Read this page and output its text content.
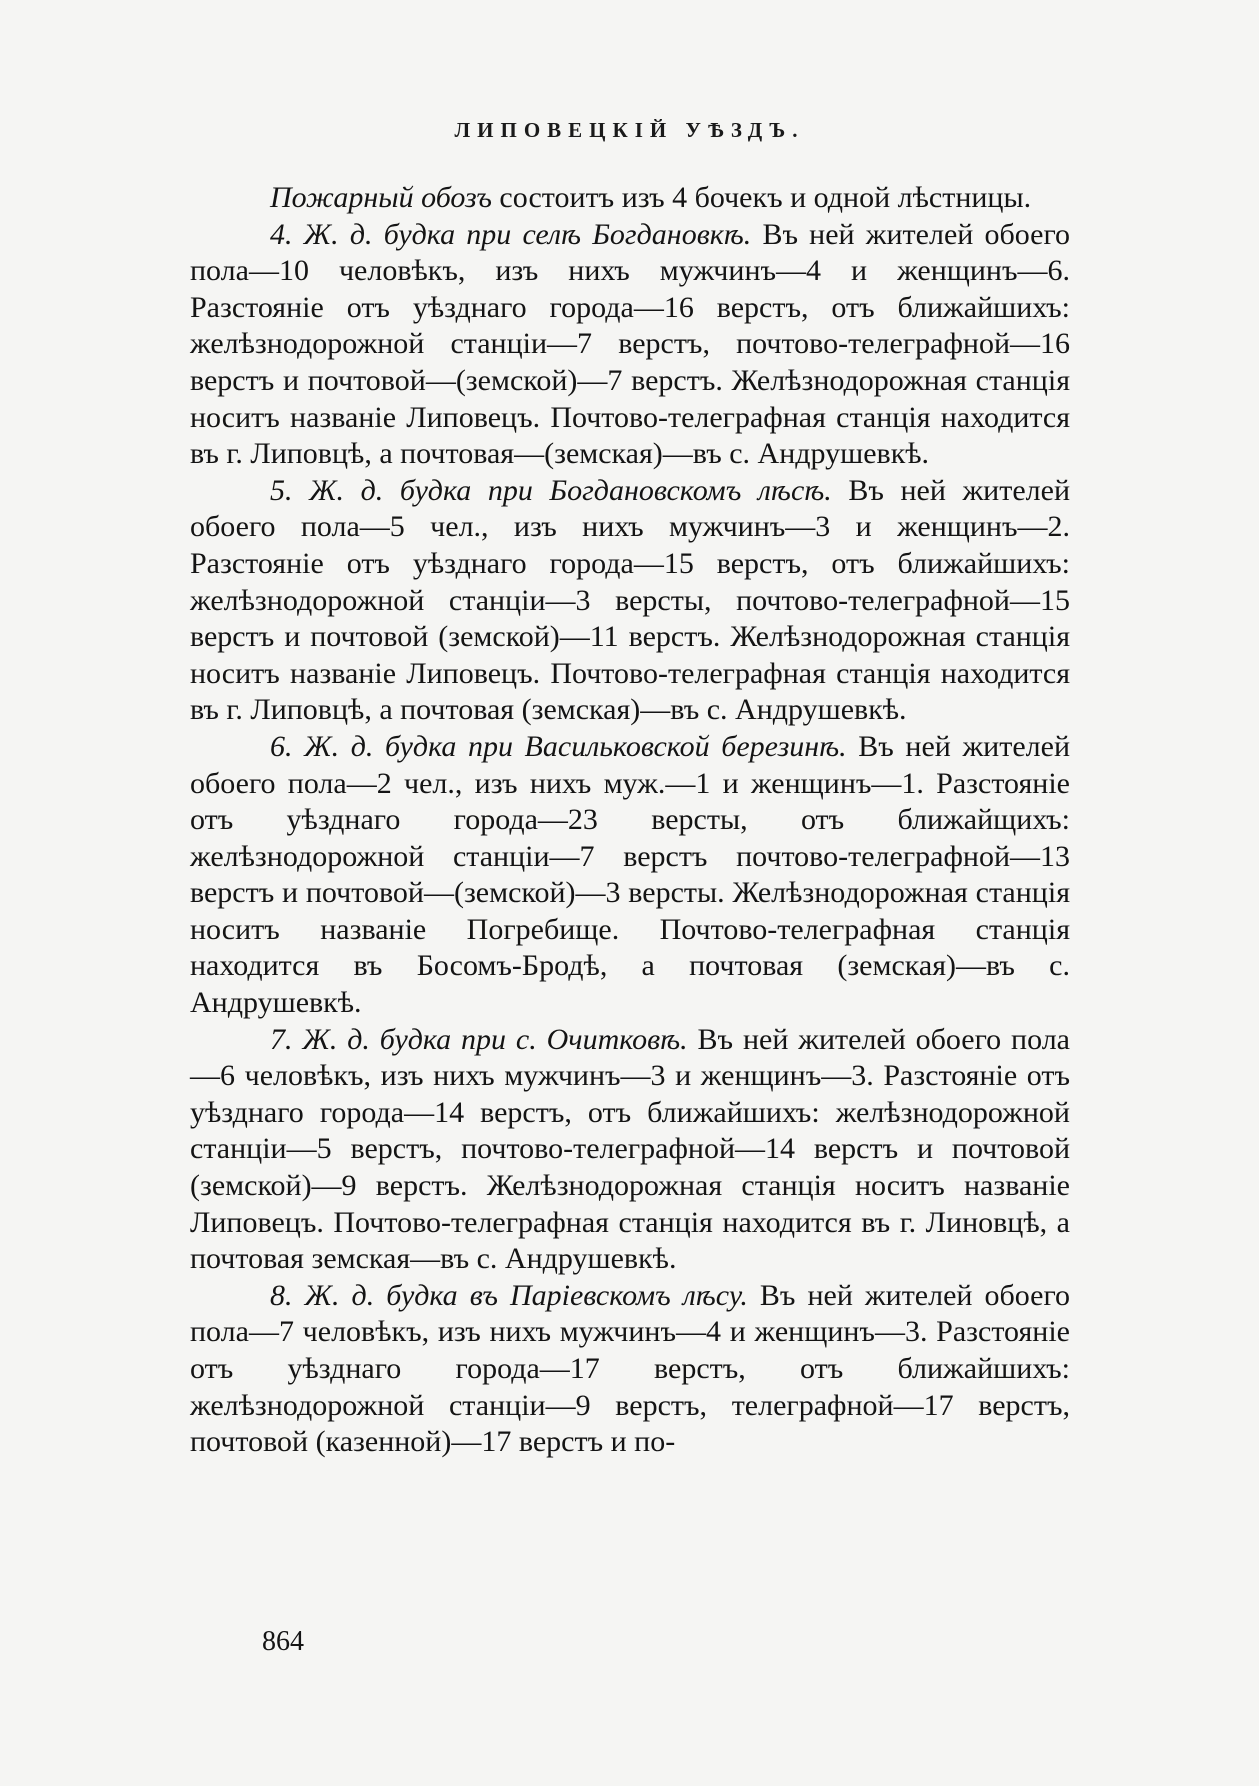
ЛИПОВЕЦКІЙ УѢЗДЪ.

Пожарный обозъ состоитъ изъ 4 бочекъ и одной лѣстницы.

4. Ж. д. будка при селѣ Богдановкѣ. Въ ней жителей обоего пола—10 человѣкъ, изъ нихъ мужчинъ—4 и женщинъ—6. Разстояніе отъ уѣзднаго города—16 верстъ, отъ ближайшихъ: желѣзнодорожной станціи—7 верстъ, почтово-телеграфной—16 верстъ и почтовой—(земской)—7 верстъ. Желѣзнодорожная станція носитъ названіе Липовецъ. Почтово-телеграфная станція находится въ г. Липовцѣ, а почтовая—(земская)—въ с. Андрушевкѣ.

5. Ж. д. будка при Богдановскомъ лѣсѣ. Въ ней жителей обоего пола—5 чел., изъ нихъ мужчинъ—3 и женщинъ—2. Разстояніе отъ уѣзднаго города—15 верстъ, отъ ближайшихъ: желѣзнодорожной станціи—3 версты, почтово-телеграфной—15 верстъ и почтовой (земской)—11 верстъ. Желѣзнодорожная станція носитъ названіе Липовецъ. Почтово-телеграфная станція находится въ г. Липовцѣ, а почтовая (земская)—въ с. Андрушевкѣ.

6. Ж. д. будка при Васильковской березинѣ. Въ ней жителей обоего пола—2 чел., изъ нихъ муж.—1 и женщинъ—1. Разстояніе отъ уѣзднаго города—23 версты, отъ ближайщихъ: желѣзнодорожной станціи—7 верстъ почтово-телеграфной—13 верстъ и почтовой—(земской)—3 версты. Желѣзнодорожная станція носитъ названіе Погребище. Почтово-телеграфная станція находится въ Босомъ-Бродѣ, а почтовая (земская)—въ с. Андрушевкѣ.

7. Ж. д. будка при с. Очитковѣ. Въ ней жителей обоего пола—6 человѣкъ, изъ нихъ мужчинъ—3 и женщинъ—3. Разстояніе отъ уѣзднаго города—14 верстъ, отъ ближайшихъ: желѣзнодорожной станціи—5 верстъ, почтово-телеграфной—14 верстъ и почтовой (земской)—9 верстъ. Желѣзнодорожная станція носитъ названіе Липовецъ. Почтово-телеграфная станція находится въ г. Линовцѣ, а почтовая земская—въ с. Андрушевкѣ.

8. Ж. д. будка въ Паріевскомъ лѣсу. Въ ней жителей обоего пола—7 человѣкъ, изъ нихъ мужчинъ—4 и женщинъ—3. Разстояніе отъ уѣзднаго города—17 верстъ, отъ ближайшихъ: желѣзнодорожной станціи—9 верстъ, телеграфной—17 верстъ, почтовой (казенной)—17 верстъ и по-

864
